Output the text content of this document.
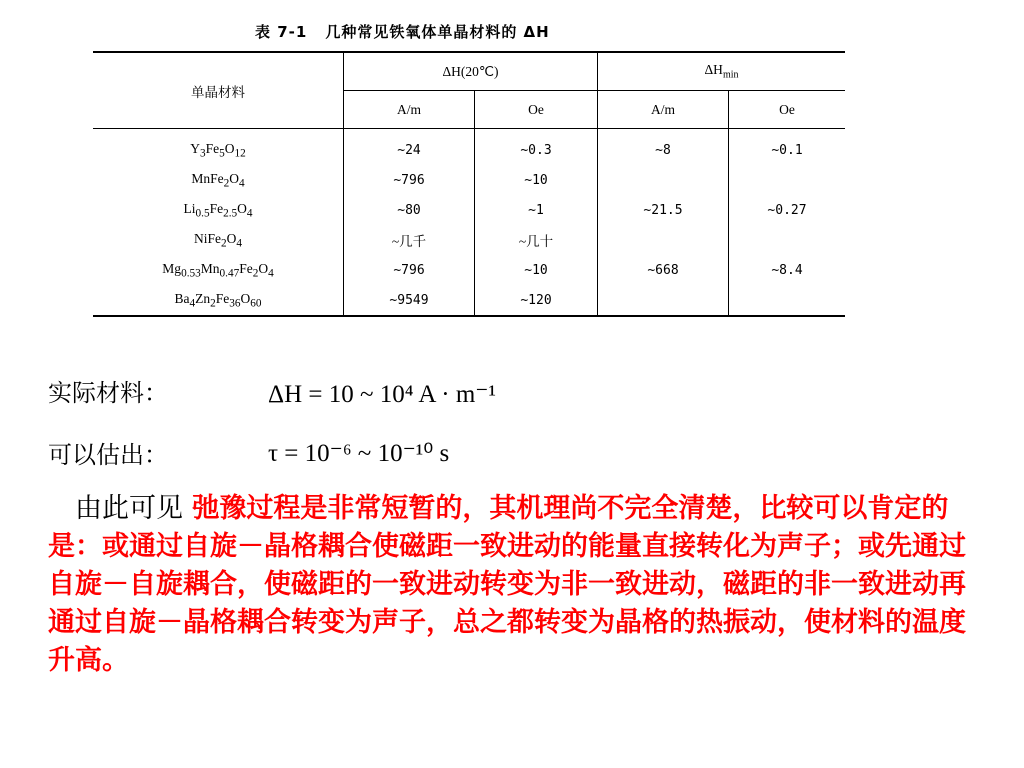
表 7-1 几种常见铁氧体单晶材料的 ΔH
单晶材料	ΔH(20℃)		$\Delta H_{min}$
	A/m	Oe	A/m	Oe
$Y_3Fe_5O_{12}$	~24	~0.3	~8	~0.1
$MnFe_2O_4$	~796	~10		
$Li_{0.5}Fe_{2.5}O_4$	~80	~1	~21.5	~0.27
$NiFe_2O_4$	~几千	~几十		
$Mg_{0.53}Mn_{0.47}Fe_2O_4$	~796	~10	~668	~8.4
$Ba_4Zn_2Fe_{36}O_{60}$	~9549	~120		
实际材料：	ΔH = 10 ~ 10⁴ A · m⁻¹
可以估出：	τ = 10⁻⁶ ~ 10⁻¹⁰ s
由此可见 弛豫过程是非常短暂的，其机理尚不完全清楚，比较可以肯定的是：或通过自旋－晶格耦合使磁距一致进动的能量直接转化为声子；或先通过自旋－自旋耦合，使磁距的一致进动转变为非一致进动，磁距的非一致进动再通过自旋－晶格耦合转变为声子，总之都转变为晶格的热振动，使材料的温度升高。
